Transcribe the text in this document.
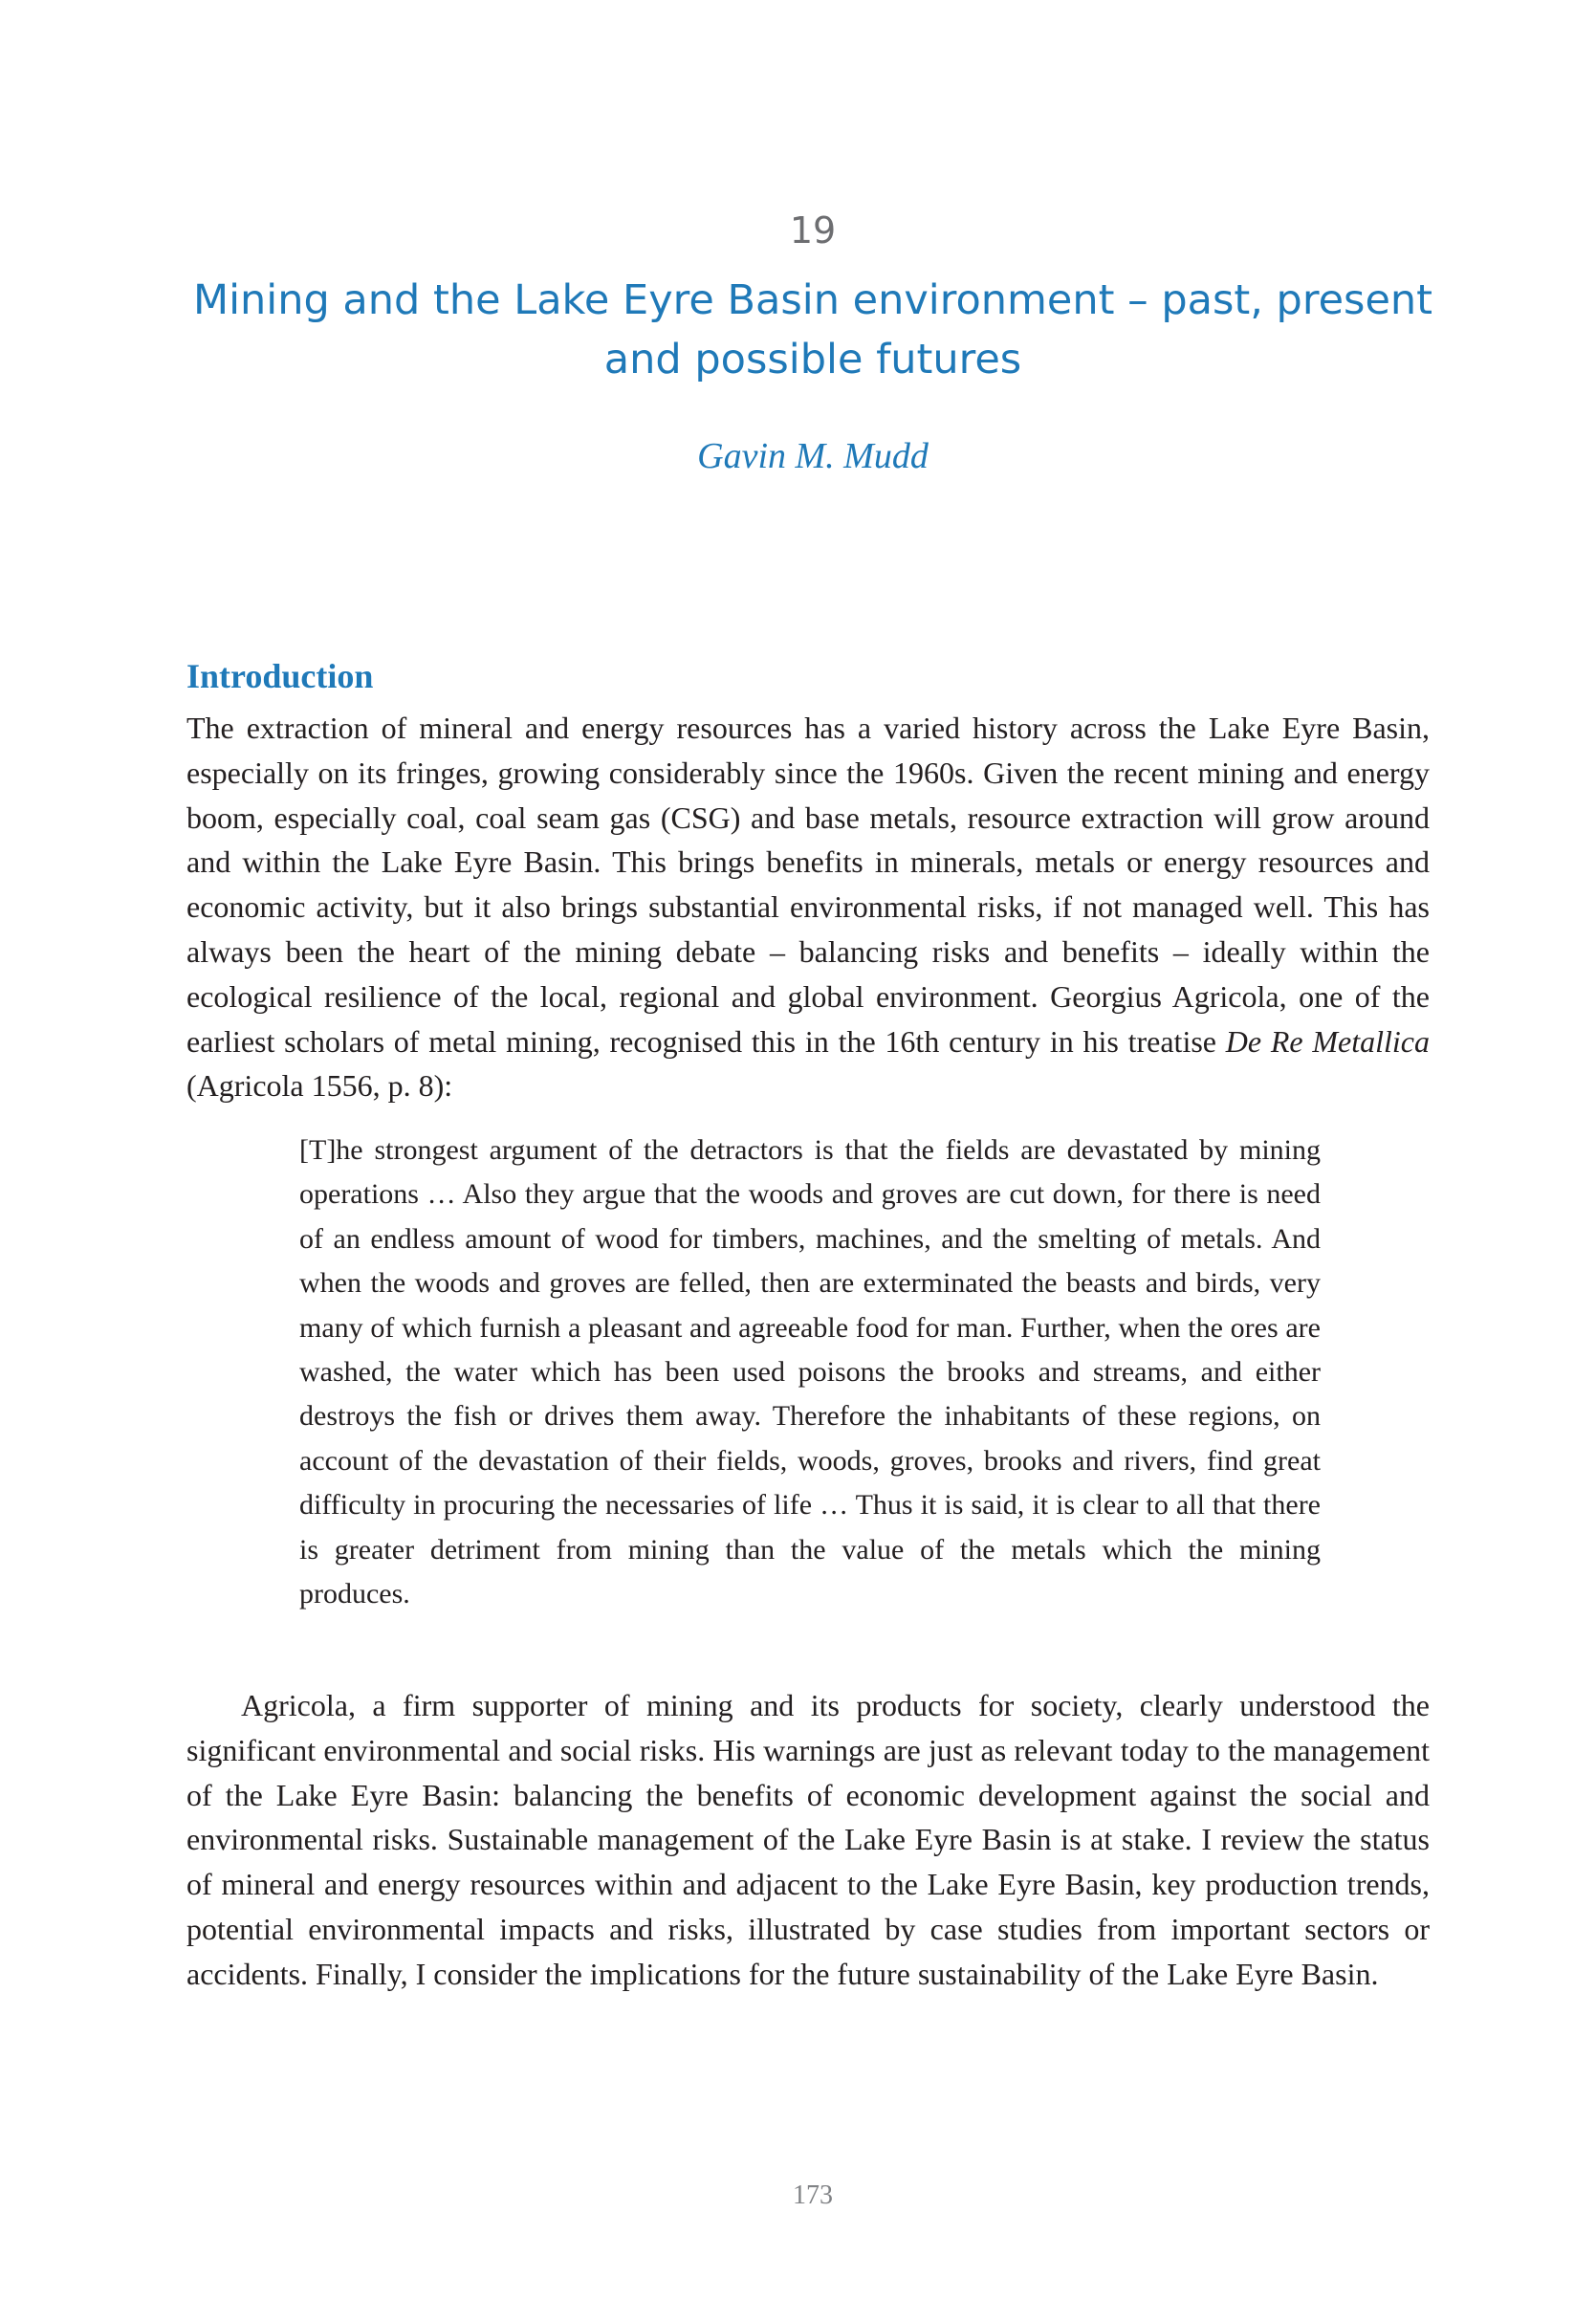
19
Mining and the Lake Eyre Basin environment – past, present and possible futures
Gavin M. Mudd
Introduction

The extraction of mineral and energy resources has a varied history across the Lake Eyre Basin, especially on its fringes, growing considerably since the 1960s. Given the recent mining and energy boom, especially coal, coal seam gas (CSG) and base metals, resource extraction will grow around and within the Lake Eyre Basin. This brings benefits in minerals, metals or energy resources and economic activity, but it also brings substantial environmental risks, if not managed well. This has always been the heart of the mining debate – balancing risks and benefits – ideally within the ecological resilience of the local, regional and global environment. Georgius Agricola, one of the earliest scholars of metal mining, recognised this in the 16th century in his treatise De Re Metallica (Agricola 1556, p. 8):

[T]he strongest argument of the detractors is that the fields are devastated by mining operations … Also they argue that the woods and groves are cut down, for there is need of an endless amount of wood for timbers, machines, and the smelting of metals. And when the woods and groves are felled, then are exterminated the beasts and birds, very many of which furnish a pleasant and agreeable food for man. Further, when the ores are washed, the water which has been used poisons the brooks and streams, and either destroys the fish or drives them away. Therefore the inhabitants of these regions, on account of the devastation of their fields, woods, groves, brooks and rivers, find great difficulty in procuring the necessaries of life … Thus it is said, it is clear to all that there is greater detriment from mining than the value of the metals which the mining produces.

Agricola, a firm supporter of mining and its products for society, clearly understood the significant environmental and social risks. His warnings are just as relevant today to the management of the Lake Eyre Basin: balancing the benefits of economic development against the social and environmental risks. Sustainable management of the Lake Eyre Basin is at stake. I review the status of mineral and energy resources within and adjacent to the Lake Eyre Basin, key production trends, potential environmental impacts and risks, illustrated by case studies from important sectors or accidents. Finally, I consider the implications for the future sustainability of the Lake Eyre Basin.

173
